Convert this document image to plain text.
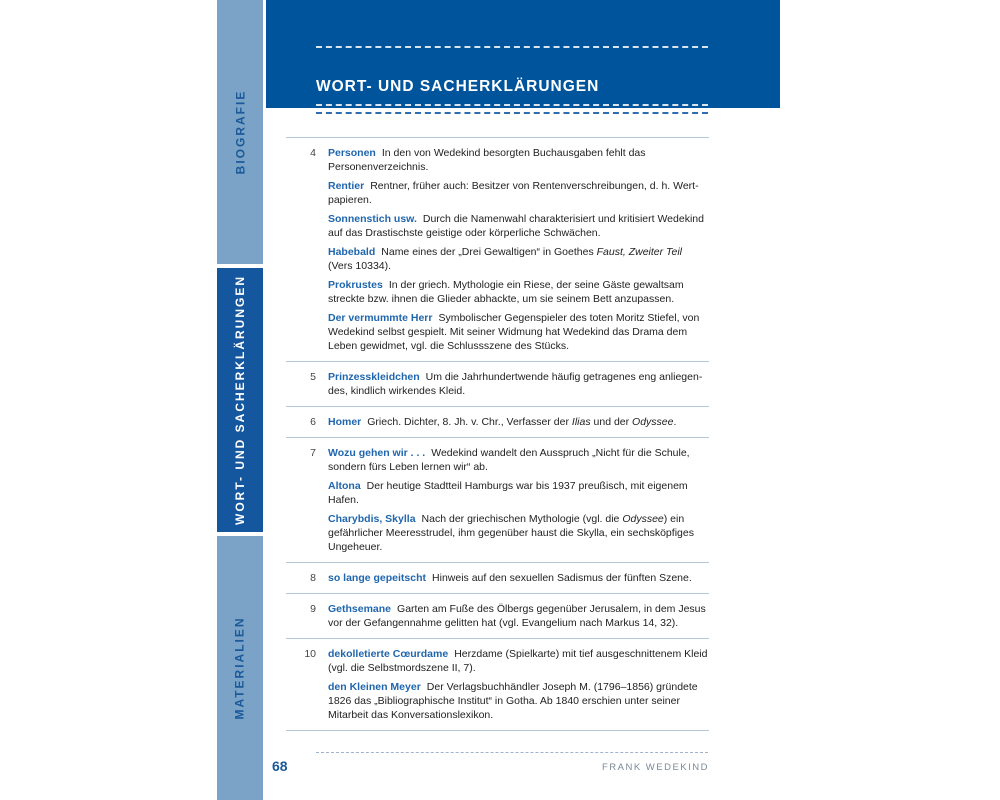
BIOGRAFIE
WORT- UND SACHERKLÄRUNGEN
MATERIALIEN
WORT- UND SACHERKLÄRUNGEN
4 Personen In den von Wedekind besorgten Buchausgaben fehlt das Personenverzeichnis.
Rentier Rentner, früher auch: Besitzer von Rentenverschreibungen, d. h. Wertpapieren.
Sonnenstich usw. Durch die Namenwahl charakterisiert und kritisiert Wedekind auf das Drastischste geistige oder körperliche Schwächen.
Habebald Name eines der „Drei Gewaltigen“ in Goethes Faust, Zweiter Teil (Vers 10334).
Prokrustes In der griech. Mythologie ein Riese, der seine Gäste gewaltsam streckte bzw. ihnen die Glieder abhackte, um sie seinem Bett anzupassen.
Der vermummte Herr Symbolischer Gegenspieler des toten Moritz Stiefel, von Wedekind selbst gespielt. Mit seiner Widmung hat Wedekind das Drama dem Leben gewidmet, vgl. die Schlussszene des Stücks.
5 Prinzesskleidchen Um die Jahrhundertwende häufig getragenes eng anliegendes, kindlich wirkendes Kleid.
6 Homer Griech. Dichter, 8. Jh. v. Chr., Verfasser der Ilias und der Odyssee.
7 Wozu gehen wir . . . Wedekind wandelt den Ausspruch „Nicht für die Schule, sondern fürs Leben lernen wir“ ab.
Altona Der heutige Stadtteil Hamburgs war bis 1937 preußisch, mit eigenem Hafen.
Charybdis, Skylla Nach der griechischen Mythologie (vgl. die Odyssee) ein gefährlicher Meeresstrudel, ihm gegenüber haust die Skylla, ein sechsköpfiges Ungeheuer.
8 so lange gepeitscht Hinweis auf den sexuellen Sadismus der fünften Szene.
9 Gethsemane Garten am Fuße des Ölbergs gegenüber Jerusalem, in dem Jesus vor der Gefangennahme gelitten hat (vgl. Evangelium nach Markus 14, 32).
10 dekolletierte Cœurdame Herzdame (Spielkarte) mit tief ausgeschnittenem Kleid (vgl. die Selbstmordszene II, 7).
den Kleinen Meyer Der Verlagsbuchhändler Joseph M. (1796–1856) gründete 1826 das „Bibliographische Institut“ in Gotha. Ab 1840 erschien unter seiner Mitarbeit das Konversationslexikon.
68	FRANK WEDEKIND
